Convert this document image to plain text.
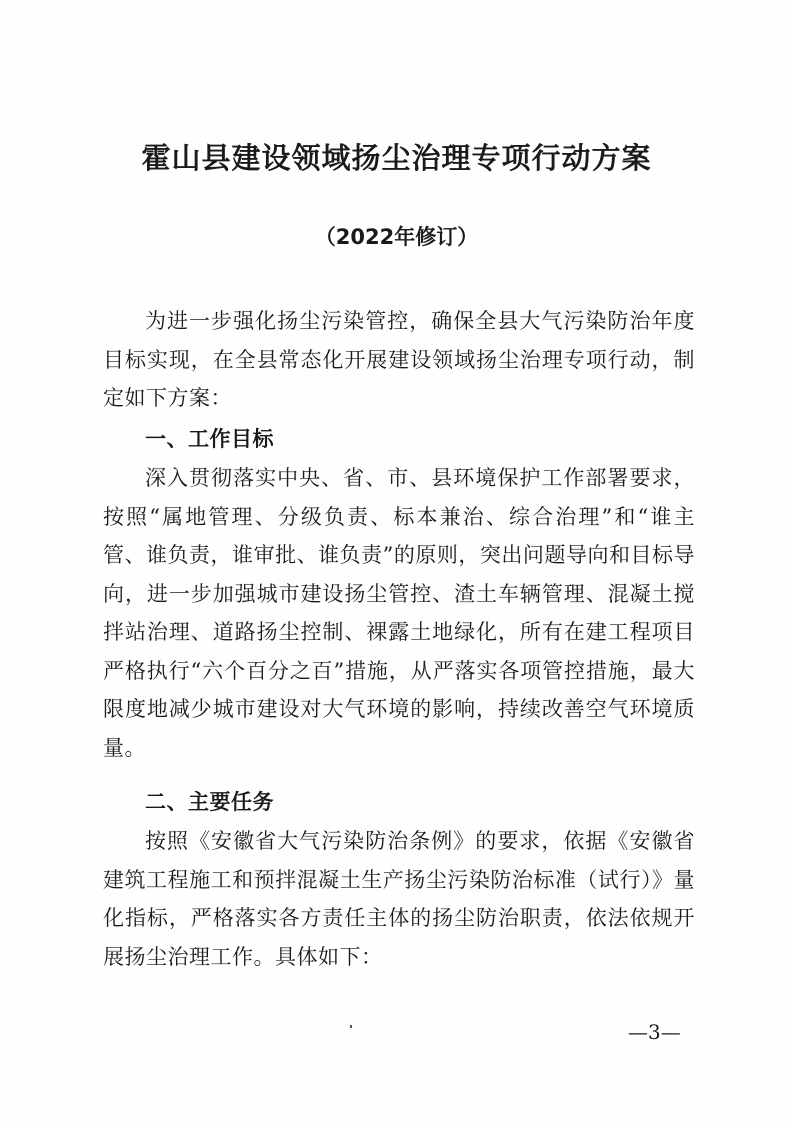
霍山县建设领域扬尘治理专项行动方案
（2022年修订）

为进一步强化扬尘污染管控，确保全县大气污染防治年度目标实现，在全县常态化开展建设领域扬尘治理专项行动，制定如下方案：

一、工作目标

深入贯彻落实中央、省、市、县环境保护工作部署要求，按照“属地管理、分级负责、标本兼治、综合治理”和“谁主管、谁负责，谁审批、谁负责”的原则，突出问题导向和目标导向，进一步加强城市建设扬尘管控、渣土车辆管理、混凝土搅拌站治理、道路扬尘控制、裸露土地绿化，所有在建工程项目严格执行“六个百分之百”措施，从严落实各项管控措施，最大限度地减少城市建设对大气环境的影响，持续改善空气环境质量。

二、主要任务

按照《安徽省大气污染防治条例》的要求，依据《安徽省建筑工程施工和预拌混凝土生产扬尘污染防治标准（试行）》量化指标，严格落实各方责任主体的扬尘防治职责，依法依规开展扬尘治理工作。具体如下：

—3—
